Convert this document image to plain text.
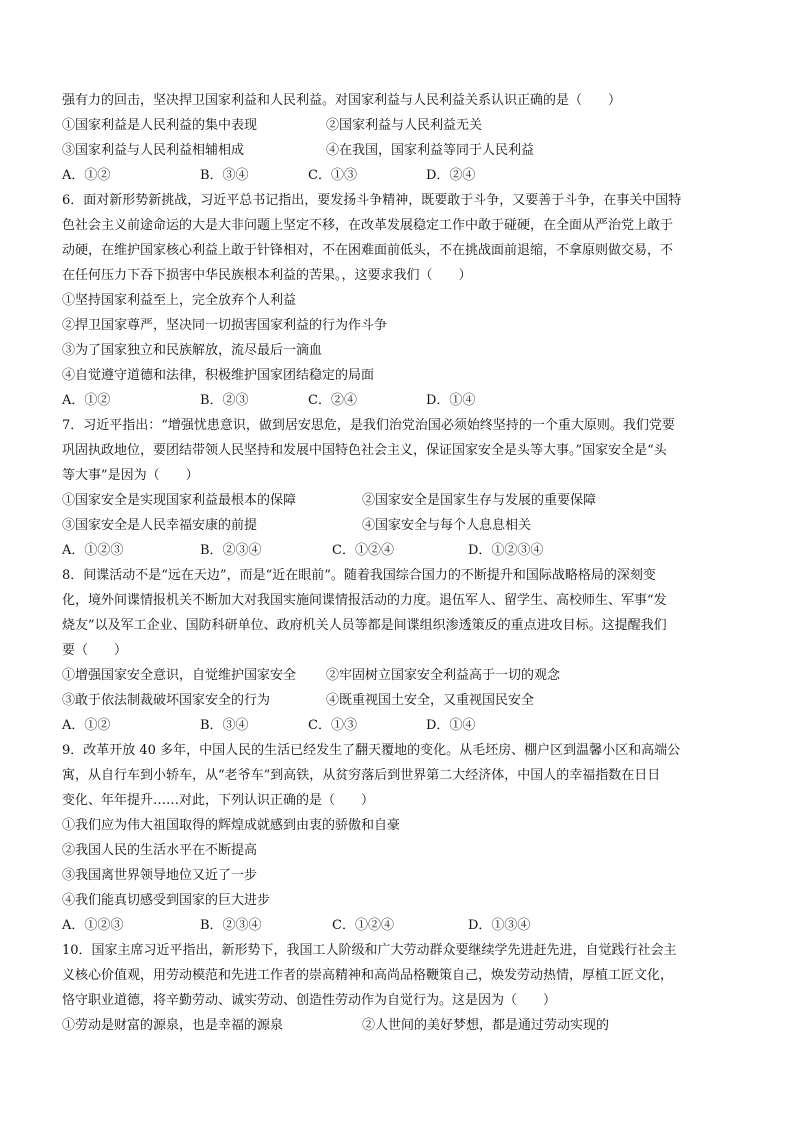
强有力的回击，坚决捍卫国家利益和人民利益。对国家利益与人民利益关系认识正确的是（　　）
①国家利益是人民利益的集中表现	②国家利益与人民利益无关
③国家利益与人民利益相辅相成	④在我国，国家利益等同于人民利益
A．①②	B．③④	C．①③	D．②④
6．面对新形势新挑战，习近平总书记指出，要发扬斗争精神，既要敢于斗争，又要善于斗争，在事关中国特
色社会主义前途命运的大是大非问题上坚定不移，在改革发展稳定工作中敢于碰硬，在全面从严治党上敢于
动硬，在维护国家核心利益上敢于针锋相对，不在困难面前低头，不在挑战面前退缩，不拿原则做交易，不
在任何压力下吞下损害中华民族根本利益的苦果。，这要求我们（　　）
①坚持国家利益至上，完全放弃个人利益
②捍卫国家尊严，坚决同一切损害国家利益的行为作斗争
③为了国家独立和民族解放，流尽最后一滴血
④自觉遵守道德和法律，积极维护国家团结稳定的局面
A．①②	B．②③	C．②④	D．①④
7．习近平指出：“增强忧患意识，做到居安思危，是我们治党治国必须始终坚持的一个重大原则。我们党要
巩固执政地位，要团结带领人民坚持和发展中国特色社会主义，保证国家安全是头等大事。”国家安全是“头
等大事”是因为（　　）
①国家安全是实现国家利益最根本的保障	②国家安全是国家生存与发展的重要保障
③国家安全是人民幸福安康的前提	④国家安全与每个人息息相关
A．①②③	B．②③④	C．①②④	D．①②③④
8．间谍活动不是“远在天边”，而是“近在眼前”。随着我国综合国力的不断提升和国际战略格局的深刻变
化，境外间谍情报机关不断加大对我国实施间谍情报活动的力度。退伍军人、留学生、高校师生、军事“发
烧友”以及军工企业、国防科研单位、政府机关人员等都是间谍组织渗透策反的重点进攻目标。这提醒我们
要（　　）
①增强国家安全意识，自觉维护国家安全 ②牢固树立国家安全利益高于一切的观念
③敢于依法制裁破坏国家安全的行为	④既重视国土安全，又重视国民安全
A．①②	B．③④	C．①③	D．①④
9．改革开放 40 多年，中国人民的生活已经发生了翻天覆地的变化。从毛坯房、棚户区到温馨小区和高端公
寓，从自行车到小轿车，从“老爷车”到高铁，从贫穷落后到世界第二大经济体，中国人的幸福指数在日日
变化、年年提升……对此，下列认识正确的是（　　）
①我们应为伟大祖国取得的辉煌成就感到由衷的骄傲和自豪
②我国人民的生活水平在不断提高
③我国离世界领导地位又近了一步
④我们能真切感受到国家的巨大进步
A．①②③	B．②③④	C．①②④	D．①③④
10．国家主席习近平指出，新形势下，我国工人阶级和广大劳动群众要继续学先进赶先进，自觉践行社会主
义核心价值观，用劳动模范和先进工作者的崇高精神和高尚品格鞭策自己，焕发劳动热情，厚植工匠文化，
恪守职业道德，将辛勤劳动、诚实劳动、创造性劳动作为自觉行为。这是因为（　　）
①劳动是财富的源泉，也是幸福的源泉	②人世间的美好梦想，都是通过劳动实现的
